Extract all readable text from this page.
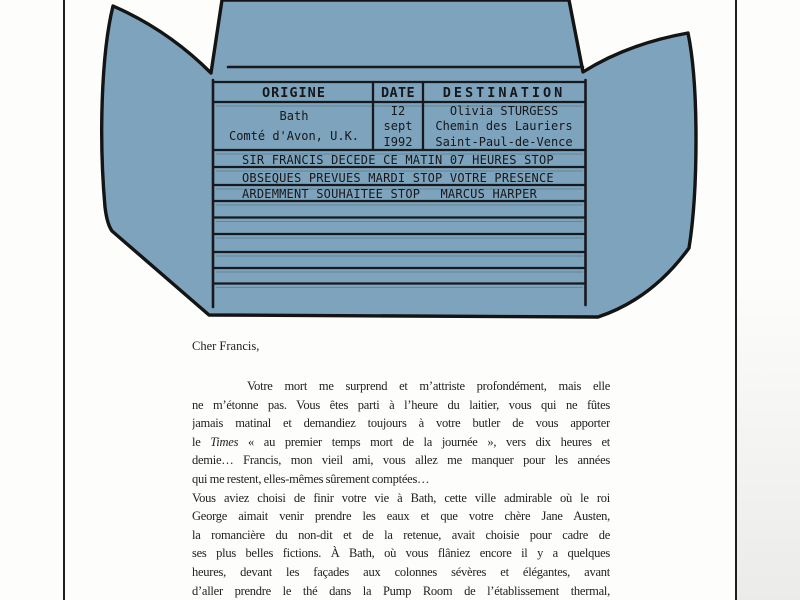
ORIGINE	DATE	DESTINATION
Bath
Comté d'Avon, U.K.
I2
sept
I992
Olivia STURGESS
Chemin des Lauriers
Saint-Paul-de-Vence
SIR FRANCIS DECEDE CE MATIN 07 HEURES STOP
OBSEQUES PREVUES MARDI STOP VOTRE PRESENCE
ARDEMMENT SOUHAITEE STOP MARCUS HARPER
Cher Francis,
Votre mort me surprend et m’attriste profondément, mais elle
ne m’étonne pas. Vous êtes parti à l’heure du laitier, vous qui ne fûtes
jamais matinal et demandiez toujours à votre butler de vous apporter
le Times « au premier temps mort de la journée », vers dix heures et
demie… Francis, mon vieil ami, vous allez me manquer pour les années
qui me restent, elles-mêmes sûrement comptées…
Vous aviez choisi de finir votre vie à Bath, cette ville admirable où le roi
George aimait venir prendre les eaux et que votre chère Jane Austen,
la romancière du non-dit et de la retenue, avait choisie pour cadre de
ses plus belles fictions. À Bath, où vous flâniez encore il y a quelques
heures, devant les façades aux colonnes sévères et élégantes, avant
d’aller prendre le thé dans la Pump Room de l’établissement thermal,
